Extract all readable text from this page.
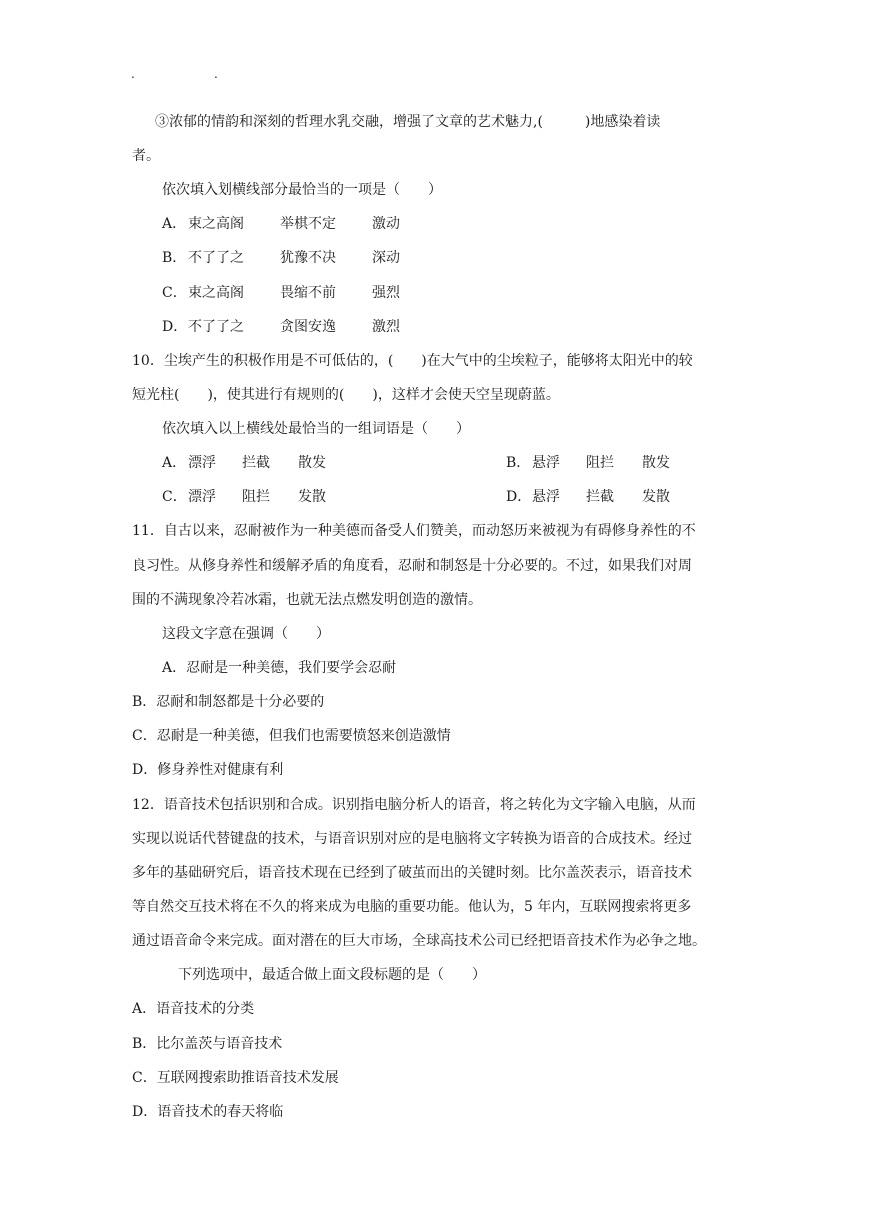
.	.
③浓郁的情韵和深刻的哲理水乳交融，增强了文章的艺术魅力,(　　　)地感染着读
者。
依次填入划横线部分最恰当的一项是（　　）
A． 束之高阁	举棋不定	激动
B． 不了了之	犹豫不决	深动
C．束之高阁	畏缩不前	强烈
D．不了了之	贪图安逸	激烈
10．尘埃产生的积极作用是不可低估的，(　　)在大气中的尘埃粒子，能够将太阳光中的较
短光柱(　　)，使其进行有规则的(　　)，这样才会使天空呈现蔚蓝。
依次填入以上横线处最恰当的一组词语是（　　）
A． 漂浮 拦截 散发	B． 悬浮 阻拦 散发
C．漂浮 阻拦 发散	D．悬浮 拦截 发散
11．自古以来，忍耐被作为一种美德而备受人们赞美，而动怒历来被视为有碍修身养性的不
良习性。从修身养性和缓解矛盾的角度看，忍耐和制怒是十分必要的。不过，如果我们对周
围的不满现象冷若冰霜，也就无法点燃发明创造的激情。
这段文字意在强调（　　）
A．忍耐是一种美德，我们要学会忍耐
B．忍耐和制怒都是十分必要的
C．忍耐是一种美德，但我们也需要愤怒来创造激情
D．修身养性对健康有利
12．语音技术包括识别和合成。识别指电脑分析人的语音，将之转化为文字输入电脑，从而
实现以说话代替键盘的技术，与语音识别对应的是电脑将文字转换为语音的合成技术。经过
多年的基础研究后，语音技术现在已经到了破茧而出的关键时刻。比尔盖茨表示，语音技术
等自然交互技术将在不久的将来成为电脑的重要功能。他认为，5 年内，互联网搜索将更多
通过语音命令来完成。面对潜在的巨大市场，全球高技术公司已经把语音技术作为必争之地。
下列选项中，最适合做上面文段标题的是（　　）
A．语音技术的分类
B．比尔盖茨与语音技术
C．互联网搜索助推语音技术发展
D．语音技术的春天将临
